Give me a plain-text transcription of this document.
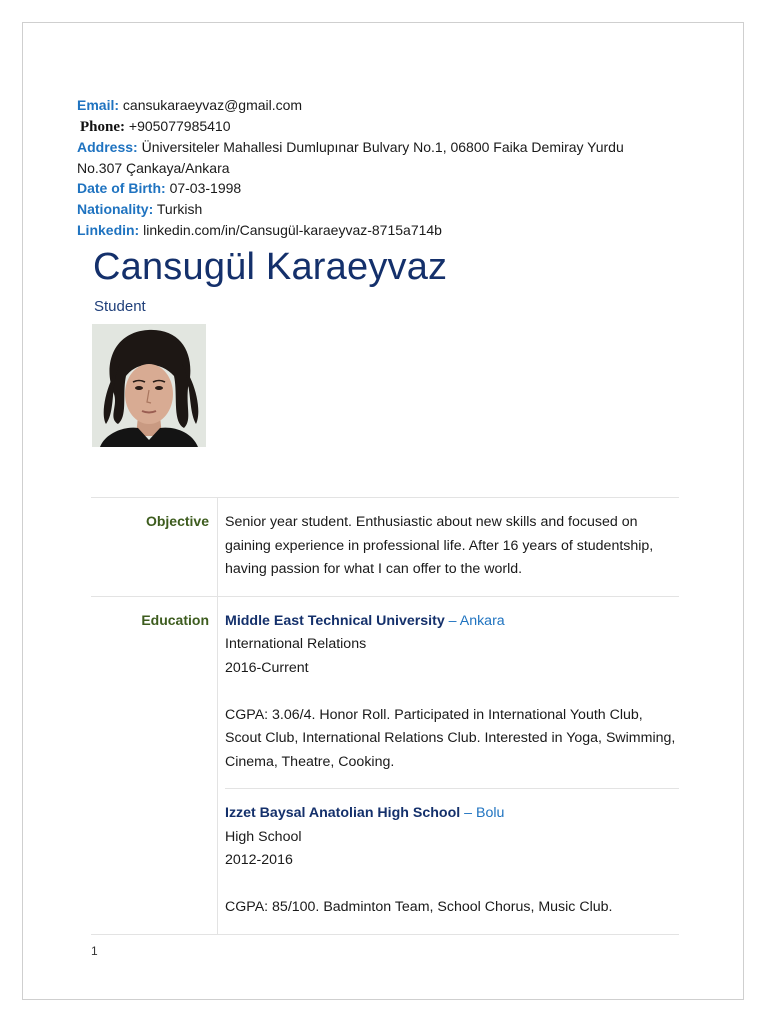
Email: cansukaraeyvaz@gmail.com
Phone: +905077985410
Address: Üniversiteler Mahallesi Dumlupınar Bulvary No.1, 06800 Faika Demiray Yurdu No.307 Çankaya/Ankara
Date of Birth: 07-03-1998
Nationality: Turkish
Linkedin: linkedin.com/in/Cansugül-karaeyvaz-8715a714b
Cansugül Karaeyvaz
Student
Objective	Senior year student. Enthusiastic about new skills and focused on gaining experience in professional life. After 16 years of studentship, having passion for what I can offer to the world.
Education	Middle East Technical University – Ankara
International Relations
2016-Current
CGPA: 3.06/4. Honor Roll. Participated in International Youth Club, Scout Club, International Relations Club. Interested in Yoga, Swimming, Cinema, Theatre, Cooking.
Izzet Baysal Anatolian High School – Bolu
High School
2012-2016
CGPA: 85/100. Badminton Team, School Chorus, Music Club.
1
